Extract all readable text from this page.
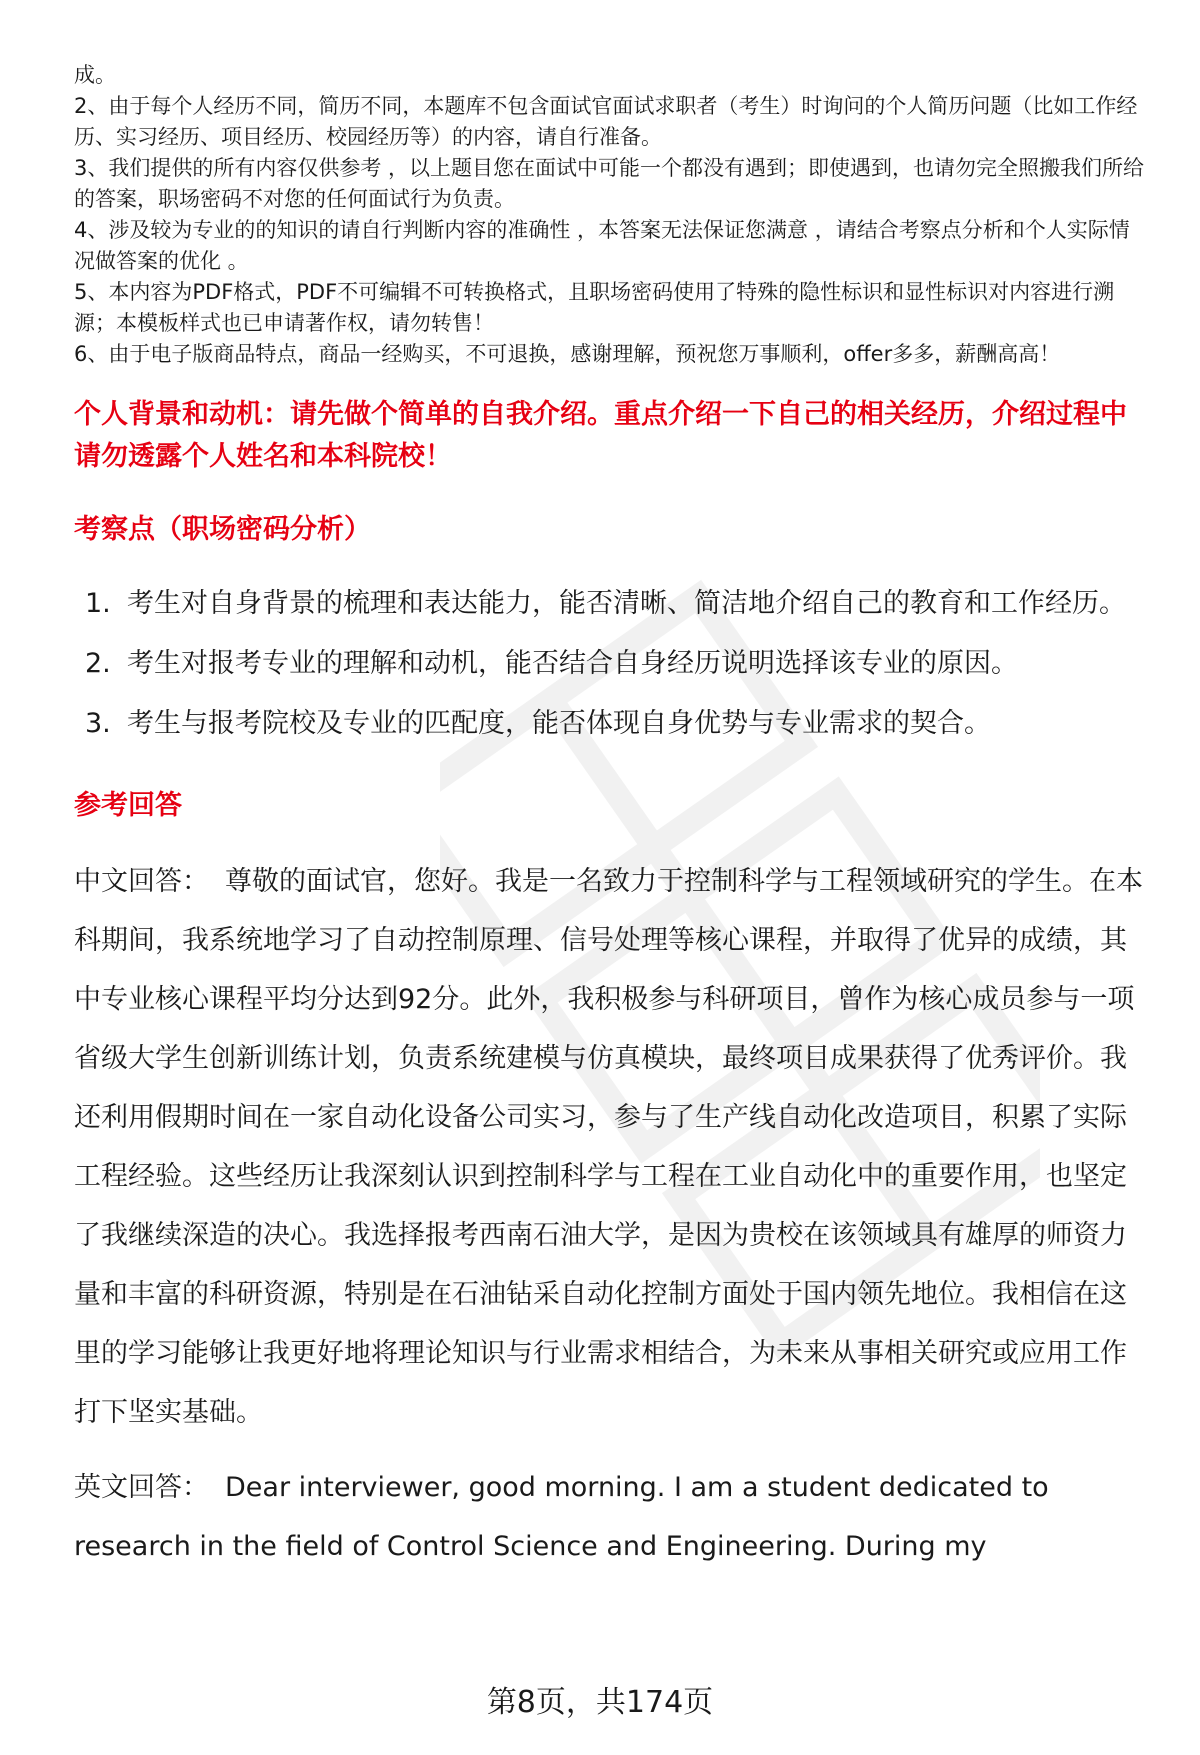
成。

2、由于每个人经历不同，简历不同，本题库不包含面试官面试求职者（考生）时询问的个人简历问题（比如工作经历、实习经历、项目经历、校园经历等）的内容，请自行准备。

3、我们提供的所有内容仅供参考 ，以上题目您在面试中可能一个都没有遇到；即使遇到，也请勿完全照搬我们所给的答案，职场密码不对您的任何面试行为负责。

4、涉及较为专业的的知识的请自行判断内容的准确性 ，本答案无法保证您满意 ，请结合考察点分析和个人实际情况做答案的优化 。

5、本内容为PDF格式，PDF不可编辑不可转换格式，且职场密码使用了特殊的隐性标识和显性标识对内容进行溯源；本模板样式也已申请著作权，请勿转售！

6、由于电子版商品特点，商品一经购买，不可退换，感谢理解，预祝您万事顺利，offer多多，薪酬高高！

个人背景和动机：请先做个简单的自我介绍。重点介绍一下自己的相关经历，介绍过程中请勿透露个人姓名和本科院校！
考察点（职场密码分析）
1. 考生对自身背景的梳理和表达能力，能否清晰、简洁地介绍自己的教育和工作经历。
2. 考生对报考专业的理解和动机，能否结合自身经历说明选择该专业的原因。
3. 考生与报考院校及专业的匹配度，能否体现自身优势与专业需求的契合。
参考回答
中文回答： 尊敬的面试官，您好。我是一名致力于控制科学与工程领域研究的学生。在本科期间，我系统地学习了自动控制原理、信号处理等核心课程，并取得了优异的成绩，其中专业核心课程平均分达到92分。此外，我积极参与科研项目，曾作为核心成员参与一项省级大学生创新训练计划，负责系统建模与仿真模块，最终项目成果获得了优秀评价。我还利用假期时间在一家自动化设备公司实习，参与了生产线自动化改造项目，积累了实际工程经验。这些经历让我深刻认识到控制科学与工程在工业自动化中的重要作用，也坚定了我继续深造的决心。我选择报考西南石油大学，是因为贵校在该领域具有雄厚的师资力量和丰富的科研资源，特别是在石油钻采自动化控制方面处于国内领先地位。我相信在这里的学习能够让我更好地将理论知识与行业需求相结合，为未来从事相关研究或应用工作打下坚实基础。
英文回答： Dear interviewer, good morning. I am a student dedicated to research in the field of Control Science and Engineering. During my
第8页，共174页
